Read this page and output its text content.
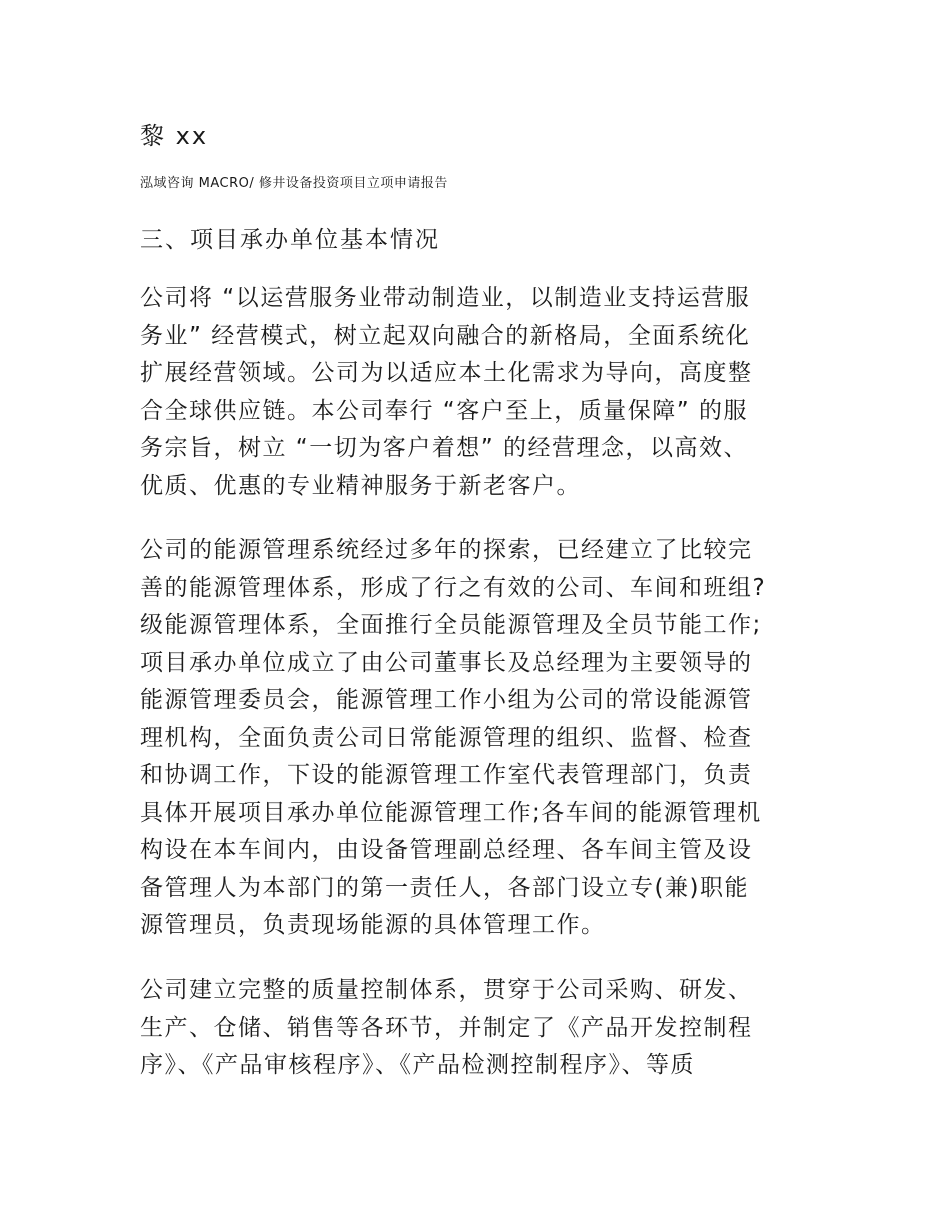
黎 xx
泓域咨询 MACRO/ 修井设备投资项目立项申请报告
三、项目承办单位基本情况
公司将 “以运营服务业带动制造业，以制造业支持运营服
务业” 经营模式，树立起双向融合的新格局，全面系统化
扩展经营领域。公司为以适应本土化需求为导向，高度整
合全球供应链。本公司奉行 “客户至上，质量保障” 的服
务宗旨，树立 “一切为客户着想” 的经营理念，以高效、
优质、优惠的专业精神服务于新老客户。
公司的能源管理系统经过多年的探索，已经建立了比较完
善的能源管理体系，形成了行之有效的公司、车间和班组?
级能源管理体系，全面推行全员能源管理及全员节能工作;
项目承办单位成立了由公司董事长及总经理为主要领导的
能源管理委员会，能源管理工作小组为公司的常设能源管
理机构，全面负责公司日常能源管理的组织、监督、检查
和协调工作，下设的能源管理工作室代表管理部门，负责
具体开展项目承办单位能源管理工作;各车间的能源管理机
构设在本车间内，由设备管理副总经理、各车间主管及设
备管理人为本部门的第一责任人，各部门设立专(兼)职能
源管理员，负责现场能源的具体管理工作。
公司建立完整的质量控制体系，贯穿于公司采购、研发、
生产、仓储、销售等各环节，并制定了《产品开发控制程
序》、《产品审核程序》、《产品检测控制程序》、等质
